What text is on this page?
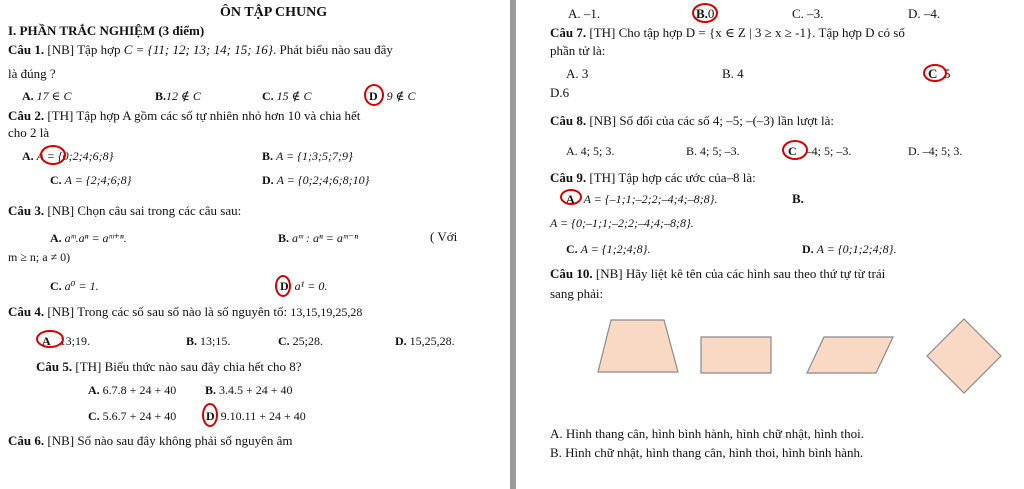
ÔN TẬP CHUNG
I. PHẦN TRẮC NGHIỆM (3 điểm)
Câu 1. [NB] Tập hợp C = {11; 12; 13; 14; 15; 16}. Phát biểu nào sau đây
là đúng ?
A. 17 ∈ C	B.12 ∉ C	C. 15 ∉ C	D 9 ∉ C
Câu 2. [TH] Tập hợp A gồm các số tự nhiên nhỏ hơn 10 và chia hết
cho 2 là
A. A = {0;2;4;6;8}	B. A = {1;3;5;7;9}
C. A = {2;4;6;8}	D. A = {0;2;4;6;8;10}
Câu 3. [NB] Chọn câu sai trong các câu sau:
A. aᵐ.aⁿ = aᵐ⁺ⁿ.	B. aᵐ : aⁿ = aᵐ⁻ⁿ	( Với
m ≥ n; a ≠ 0)
C. a⁰ = 1.	D a¹ = 0.
Câu 4. [NB] Trong các số sau số nào là số nguyên tố: 13,15,19,25,28
A 13;19.	B. 13;15.	C. 25;28.	D. 15,25,28.
Câu 5. [TH] Biểu thức nào sau đây chia hết cho 8?
A. 6.7.8 + 24 + 40 B. 3.4.5 + 24 + 40
C. 5.6.7 + 24 + 40 D 9.10.11 + 24 + 40
Câu 6. [NB] Số nào sau đây không phải số nguyên âm
A. –1.	B.0	C. –3.	D. –4.
Câu 7. [TH] Cho tập hợp D = {x ∈ Z | 3 ≥ x ≥ -1}. Tập hợp D có số
phần tử là:
A. 3	B. 4	C 5
D.6
Câu 8. [NB] Số đối của các số 4; –5; –(–3) lần lượt là:
A. 4; 5; 3.	B. 4; 5; –3.	C –4; 5; –3.	D. –4; 5; 3.
Câu 9. [TH] Tập hợp các ước của–8 là:
A A = {–1;1;–2;2;–4;4;–8;8}.	B.
A = {0;–1;1;–2;2;–4;4;–8;8}.
C. A = {1;2;4;8}.	D. A = {0;1;2;4;8}.
Câu 10. [NB] Hãy liệt kê tên của các hình sau theo thứ tự từ trái
sang phải:
A. Hình thang cân, hình bình hành, hình chữ nhật, hình thoi.
B. Hình chữ nhật, hình thang cân, hình thoi, hình bình hành.
